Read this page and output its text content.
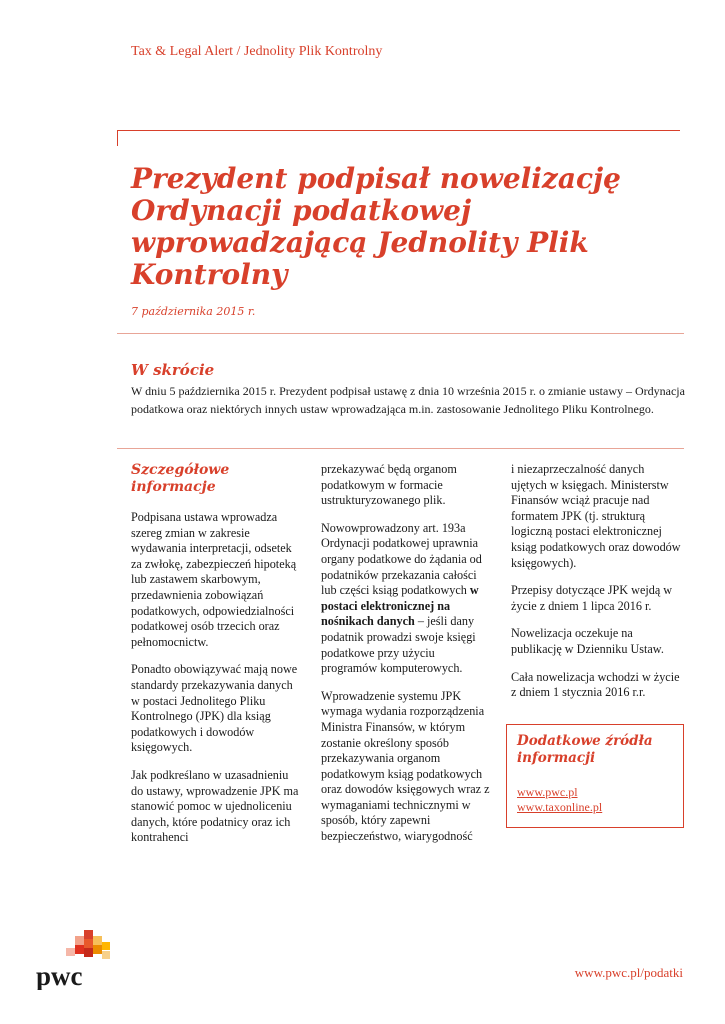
Tax & Legal Alert / Jednolity Plik Kontrolny
Prezydent podpisał nowelizację Ordynacji podatkowej wprowadzającą Jednolity Plik Kontrolny
7 października 2015 r.
W skrócie

W dniu 5 października 2015 r. Prezydent podpisał ustawę z dnia 10 września 2015 r. o zmianie ustawy – Ordynacja podatkowa oraz niektórych innych ustaw wprowadzająca m.in. zastosowanie Jednolitego Pliku Kontrolnego.

Szczegółowe informacje

Podpisana ustawa wprowadza szereg zmian w zakresie wydawania interpretacji, odsetek za zwłokę, zabezpieczeń hipoteką lub zastawem skarbowym, przedawnienia zobowiązań podatkowych, odpowiedzialności podatkowej osób trzecich oraz pełnomocnictw.

Ponadto obowiązywać mają nowe standardy przekazywania danych w postaci Jednolitego Pliku Kontrolnego (JPK) dla ksiąg podatkowych i dowodów księgowych.

Jak podkreślano w uzasadnieniu do ustawy, wprowadzenie JPK ma stanowić pomoc w ujednoliceniu danych, które podatnicy oraz ich kontrahenci

przekazywać będą organom podatkowym w formacie ustrukturyzowanego plik.

Nowowprowadzony art. 193a Ordynacji podatkowej uprawnia organy podatkowe do żądania od podatników przekazania całości lub części ksiąg podatkowych w postaci elektronicznej na nośnikach danych – jeśli dany podatnik prowadzi swoje księgi podatkowe przy użyciu programów komputerowych.

Wprowadzenie systemu JPK wymaga wydania rozporządzenia Ministra Finansów, w którym zostanie określony sposób przekazywania organom podatkowym ksiąg podatkowych oraz dowodów księgowych wraz z wymaganiami technicznymi w sposób, który zapewni bezpieczeństwo, wiarygodność

i niezaprzeczalność danych ujętych w księgach. Ministerstw Finansów wciąż pracuje nad formatem JPK (tj. strukturą logiczną postaci elektronicznej ksiąg podatkowych oraz dowodów księgowych).

Przepisy dotyczące JPK wejdą w życie z dniem 1 lipca 2016 r.

Nowelizacja oczekuje na publikację w Dzienniku Ustaw.

Cała nowelizacja wchodzi w życie z dniem 1 stycznia 2016 r.r.

Dodatkowe źródła informacji
www.pwc.pl
www.taxonline.pl
pwc	www.pwc.pl/podatki
